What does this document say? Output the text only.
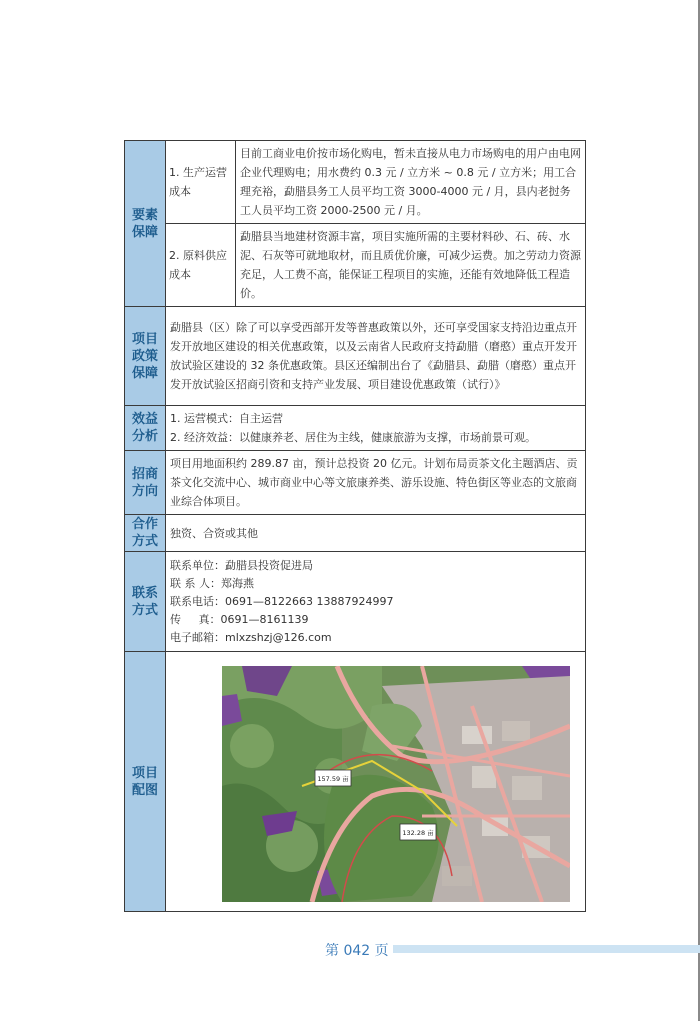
要素
保障	1. 生产运营成本	目前工商业电价按市场化购电，暂未直接从电力市场购电的用户由电网企业代理购电；用水费约 0.3 元 / 立方米 ~ 0.8 元 / 立方米；用工合理充裕，勐腊县务工人员平均工资 3000-4000 元 / 月，县内老挝务工人员平均工资 2000-2500 元 / 月。
	2. 原料供应成本	勐腊县当地建材资源丰富，项目实施所需的主要材料砂、石、砖、水泥、石灰等可就地取材，而且质优价廉，可减少运费。加之劳动力资源充足，人工费不高，能保证工程项目的实施，还能有效地降低工程造价。
项目
政策
保障	勐腊县（区）除了可以享受西部开发等普惠政策以外，还可享受国家支持沿边重点开发开放地区建设的相关优惠政策，以及云南省人民政府支持勐腊（磨憨）重点开发开放试验区建设的 32 条优惠政策。县区还编制出台了《勐腊县、勐腊（磨憨）重点开发开放试验区招商引资和支持产业发展、项目建设优惠政策（试行）》	
效益
分析	1. 运营模式：自主运营
2. 经济效益：以健康养老、居住为主线，健康旅游为支撑，市场前景可观。	

招商
方向	项目用地面积约 289.87 亩，预计总投资 20 亿元。计划布局贡茶文化主题酒店、贡茶文化交流中心、城市商业中心等文旅康养类、游乐设施、特色街区等业态的文旅商业综合体项目。	
合作
方式	独资、合资或其他	
联系
方式	联系单位：勐腊县投资促进局
联 系 人：郑海燕
联系电话：0691—8122663 13887924997
传     真：0691—8161139
电子邮箱：mlxzshzj@126.com	

项目
配图	157.59 亩
132.28 亩	
第 042 页
